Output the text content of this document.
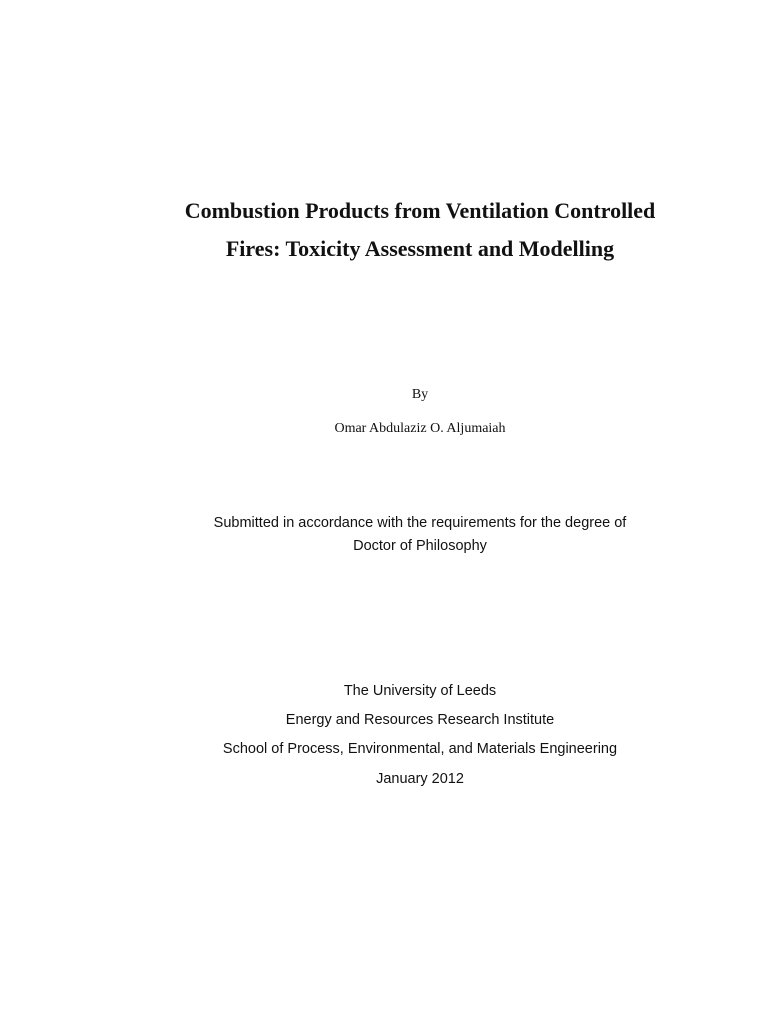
Combustion Products from Ventilation Controlled
Fires: Toxicity Assessment and Modelling
By
Omar Abdulaziz O. Aljumaiah
Submitted in accordance with the requirements for the degree of
Doctor of Philosophy
The University of Leeds
Energy and Resources Research Institute
School of Process, Environmental, and Materials Engineering
January 2012
